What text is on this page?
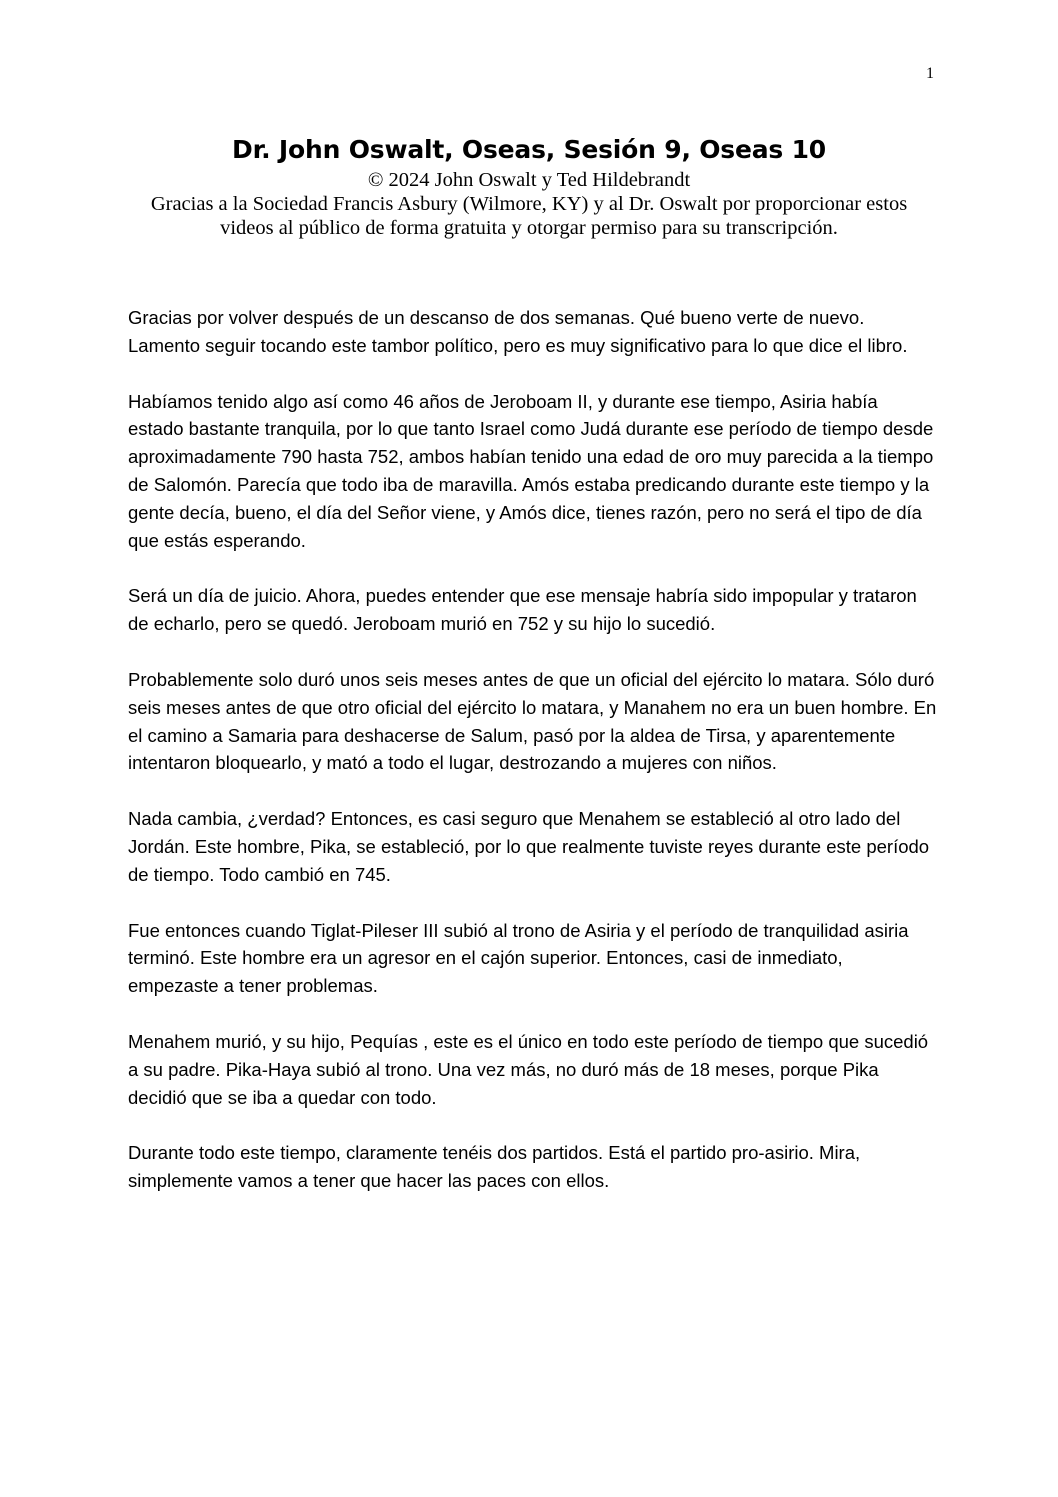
1
Dr. John Oswalt, Oseas, Sesión 9, Oseas 10

© 2024 John Oswalt y Ted Hildebrandt

Gracias a la Sociedad Francis Asbury (Wilmore, KY) y al Dr. Oswalt por proporcionar estos videos al público de forma gratuita y otorgar permiso para su transcripción.

Gracias por volver después de un descanso de dos semanas. Qué bueno verte de nuevo. Lamento seguir tocando este tambor político, pero es muy significativo para lo que dice el libro.

Habíamos tenido algo así como 46 años de Jeroboam II, y durante ese tiempo, Asiria había estado bastante tranquila, por lo que tanto Israel como Judá durante ese período de tiempo desde aproximadamente 790 hasta 752, ambos habían tenido una edad de oro muy parecida a la tiempo de Salomón. Parecía que todo iba de maravilla. Amós estaba predicando durante este tiempo y la gente decía, bueno, el día del Señor viene, y Amós dice, tienes razón, pero no será el tipo de día que estás esperando.

Será un día de juicio. Ahora, puedes entender que ese mensaje habría sido impopular y trataron de echarlo, pero se quedó. Jeroboam murió en 752 y su hijo lo sucedió.

Probablemente solo duró unos seis meses antes de que un oficial del ejército lo matara. Sólo duró seis meses antes de que otro oficial del ejército lo matara, y Manahem no era un buen hombre. En el camino a Samaria para deshacerse de Salum, pasó por la aldea de Tirsa, y aparentemente intentaron bloquearlo, y mató a todo el lugar, destrozando a mujeres con niños.

Nada cambia, ¿verdad? Entonces, es casi seguro que Menahem se estableció al otro lado del Jordán. Este hombre, Pika, se estableció, por lo que realmente tuviste reyes durante este período de tiempo. Todo cambió en 745.

Fue entonces cuando Tiglat-Pileser III subió al trono de Asiria y el período de tranquilidad asiria terminó. Este hombre era un agresor en el cajón superior. Entonces, casi de inmediato, empezaste a tener problemas.

Menahem murió, y su hijo, Pequías , este es el único en todo este período de tiempo que sucedió a su padre. Pika-Haya subió al trono. Una vez más, no duró más de 18 meses, porque Pika decidió que se iba a quedar con todo.

Durante todo este tiempo, claramente tenéis dos partidos. Está el partido pro-asirio. Mira, simplemente vamos a tener que hacer las paces con ellos.
